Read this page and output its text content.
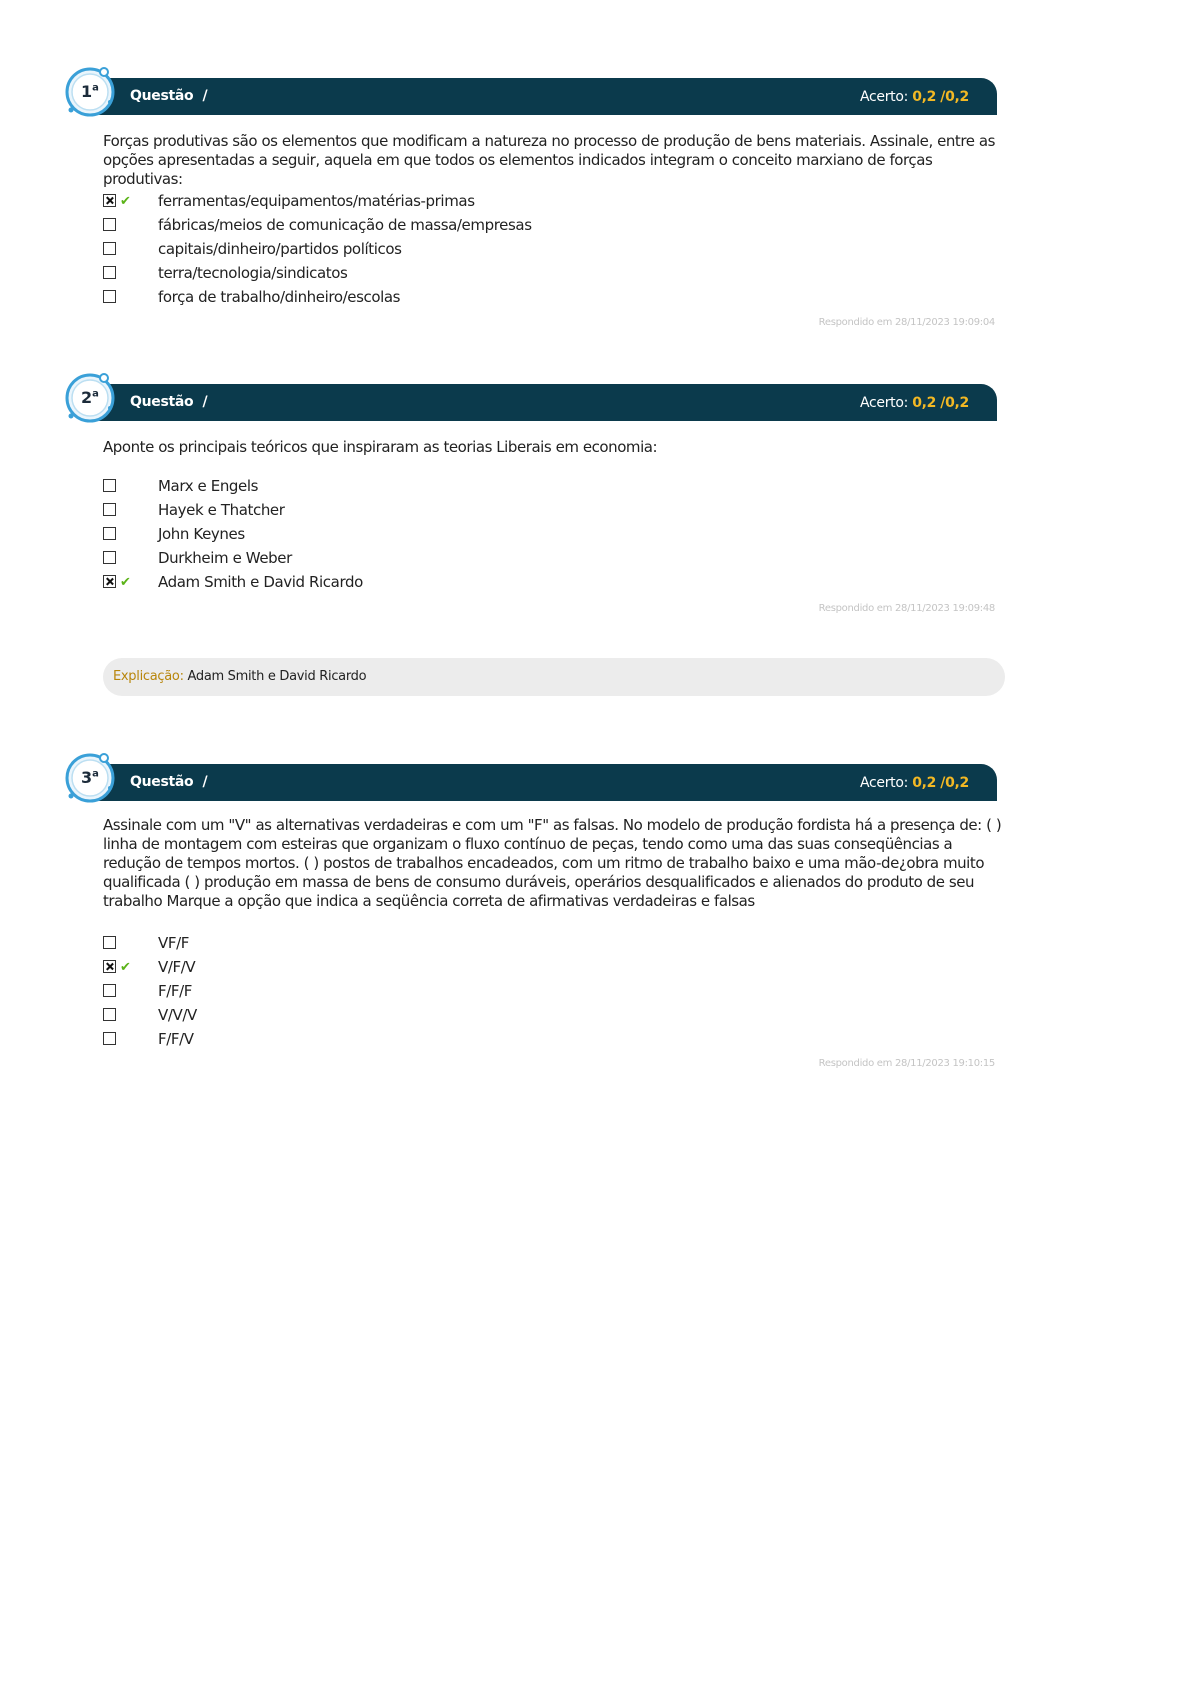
Questão /	Acerto: 0,2 /0,2
1$^a$
Forças produtivas são os elementos que modificam a natureza no processo de produção de bens materiais. Assinale, entre as opções apresentadas a seguir, aquela em que todos os elementos indicados integram o conceito marxiano de forças produtivas:
✔ ferramentas/equipamentos/matérias-primas
fábricas/meios de comunicação de massa/empresas
capitais/dinheiro/partidos políticos
terra/tecnologia/sindicatos
força de trabalho/dinheiro/escolas
Respondido em 28/11/2023 19:09:04
Questão /	Acerto: 0,2 /0,2
2$^a$
Aponte os principais teóricos que inspiraram as teorias Liberais em economia:
Marx e Engels
Hayek e Thatcher
John Keynes
Durkheim e Weber
✔ Adam Smith e David Ricardo
Respondido em 28/11/2023 19:09:48
Explicação: Adam Smith e David Ricardo
Questão /	Acerto: 0,2 /0,2
3$^a$
Assinale com um "V" as alternativas verdadeiras e com um "F" as falsas. No modelo de produção fordista há a presença de: ( ) linha de montagem com esteiras que organizam o fluxo contínuo de peças, tendo como uma das suas conseqüências a redução de tempos mortos. ( ) postos de trabalhos encadeados, com um ritmo de trabalho baixo e uma mão-de¿obra muito qualificada ( ) produção em massa de bens de consumo duráveis, operários desqualificados e alienados do produto de seu trabalho Marque a opção que indica a seqüência correta de afirmativas verdadeiras e falsas
VF/F
✔ V/F/V
F/F/F
V/V/V
F/F/V
Respondido em 28/11/2023 19:10:15
